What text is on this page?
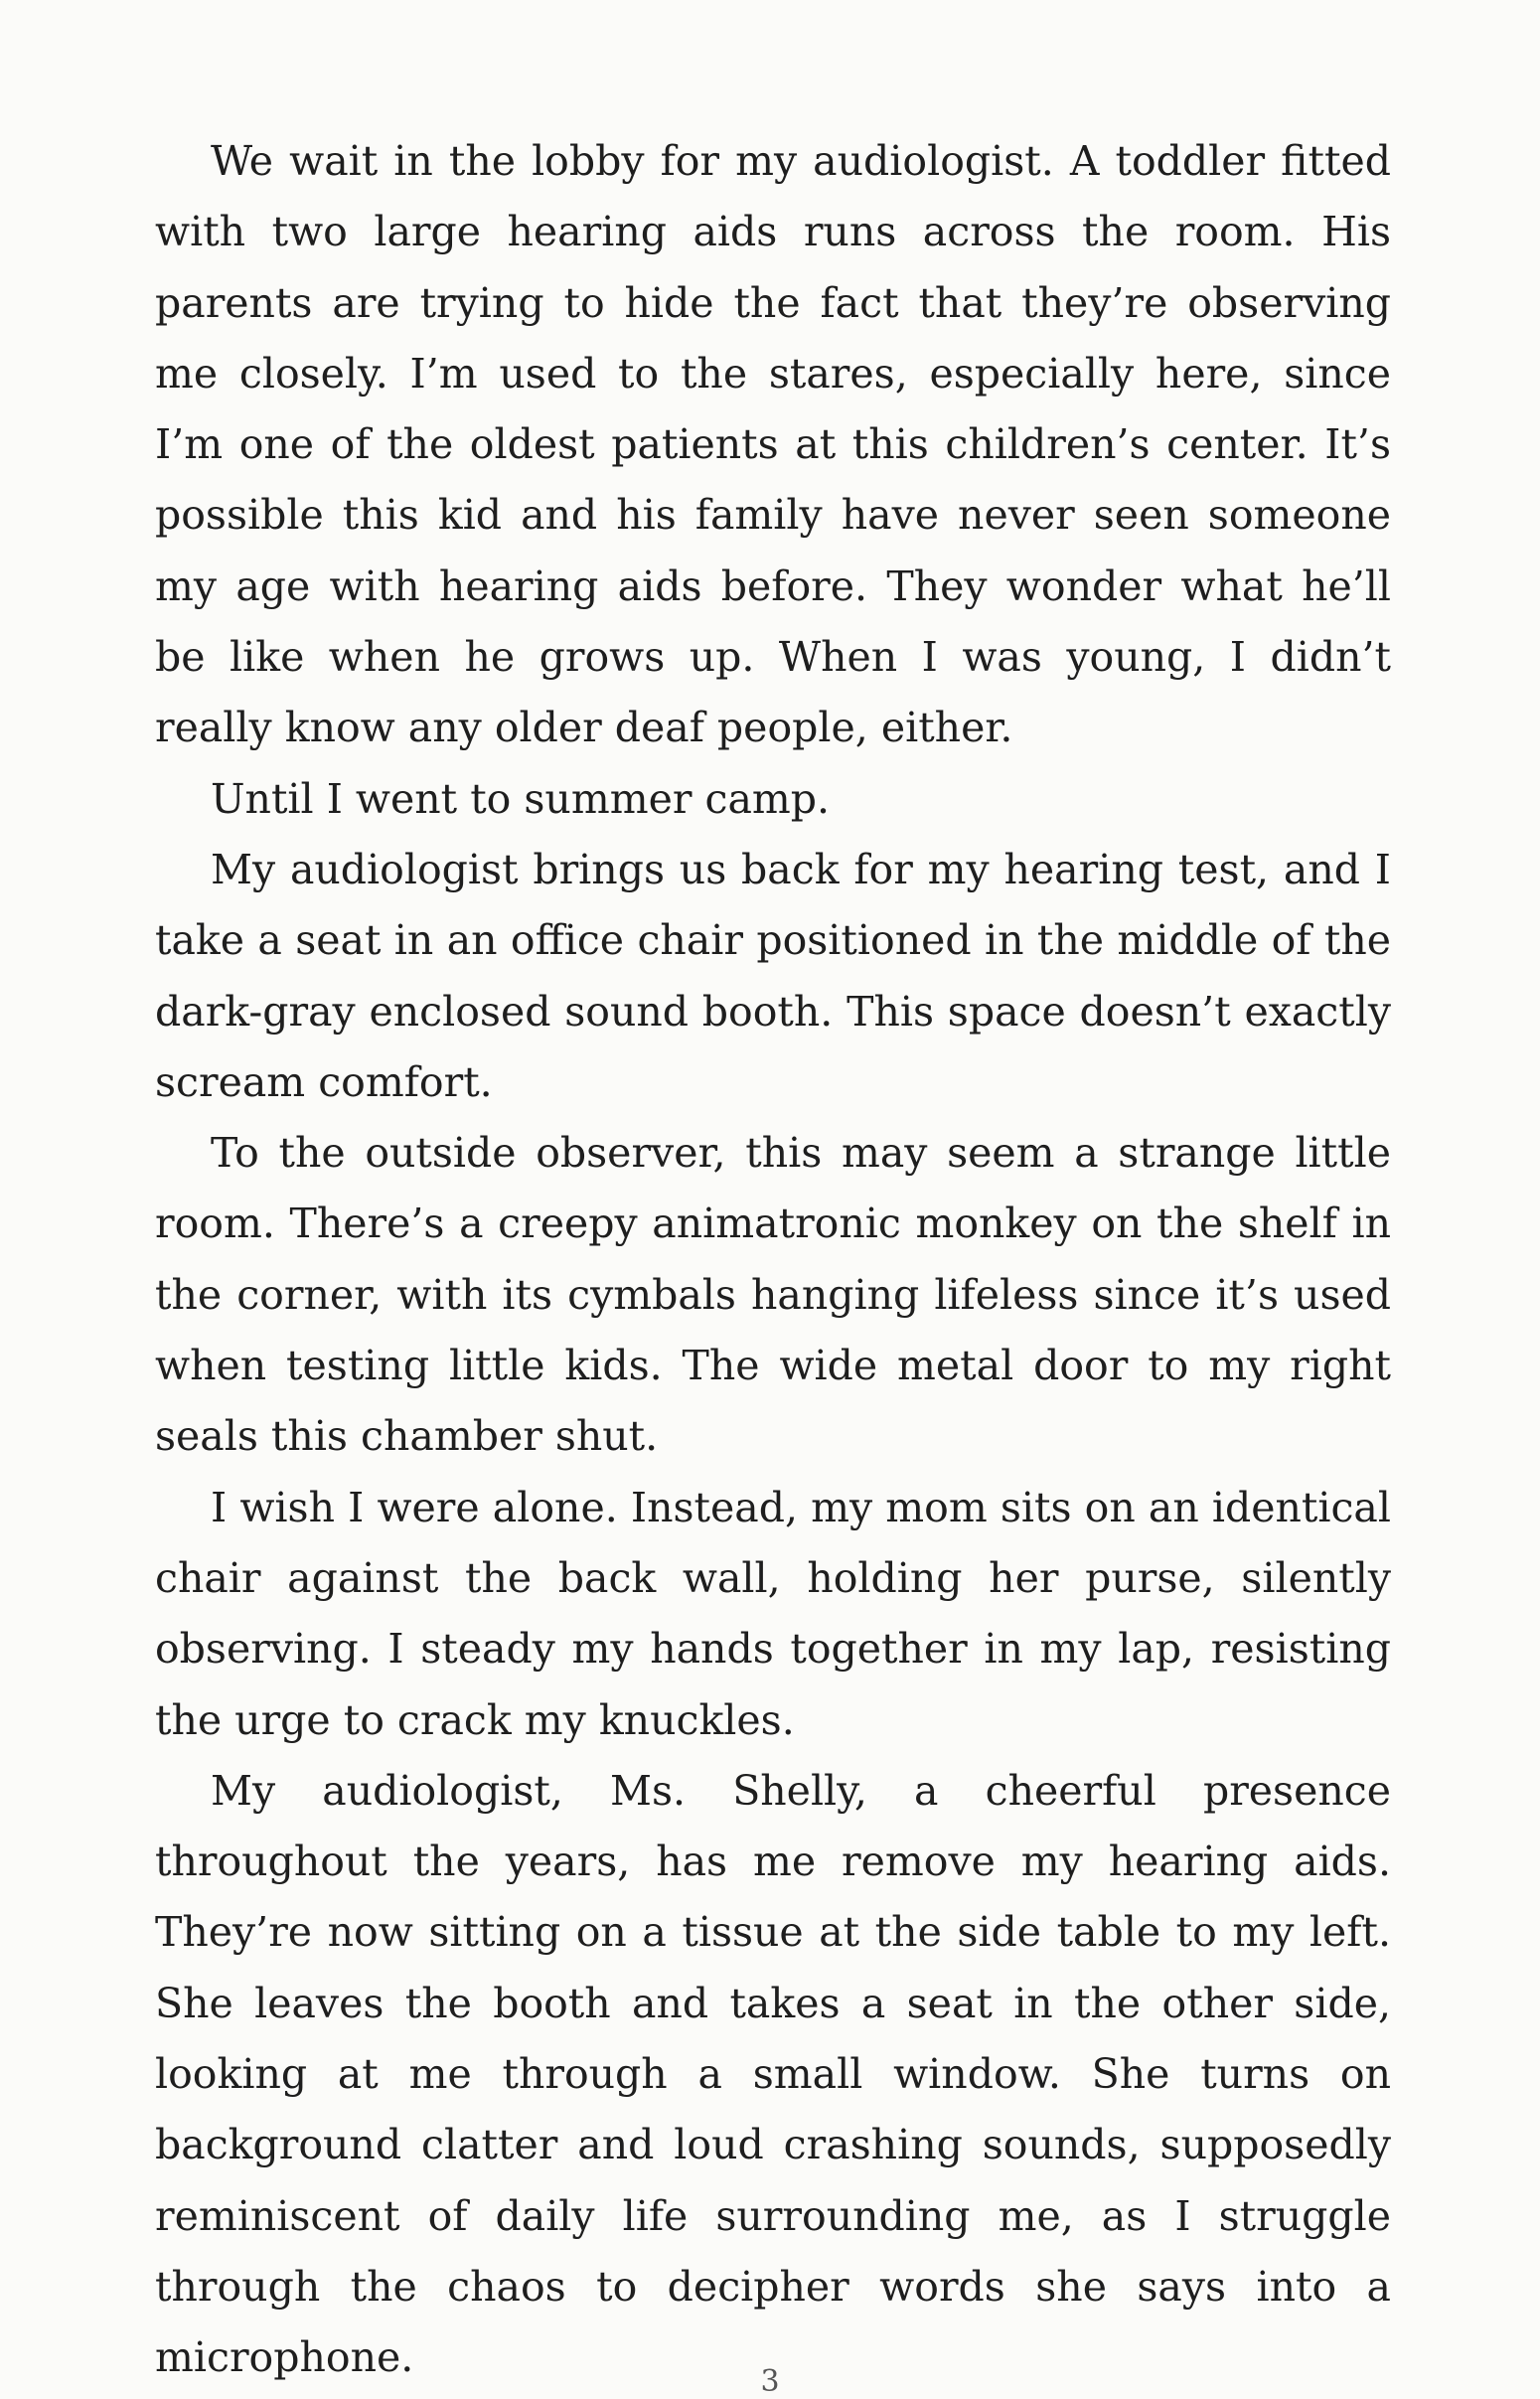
We wait in the lobby for my audiologist. A toddler fitted with two large hearing aids runs across the room. His parents are trying to hide the fact that they’re observing me closely. I’m used to the stares, especially here, since I’m one of the oldest patients at this children’s center. It’s possible this kid and his family have never seen someone my age with hearing aids before. They wonder what he’ll be like when he grows up. When I was young, I didn’t really know any older deaf people, either.

Until I went to summer camp.

My audiologist brings us back for my hearing test, and I take a seat in an office chair positioned in the middle of the dark-gray enclosed sound booth. This space doesn’t exactly scream comfort.

To the outside observer, this may seem a strange little room. There’s a creepy animatronic monkey on the shelf in the corner, with its cymbals hanging lifeless since it’s used when testing little kids. The wide metal door to my right seals this chamber shut.

I wish I were alone. Instead, my mom sits on an identical chair against the back wall, holding her purse, silently observing. I steady my hands together in my lap, resisting the urge to crack my knuckles.

My audiologist, Ms. Shelly, a cheerful presence throughout the years, has me remove my hearing aids. They’re now sitting on a tissue at the side table to my left. She leaves the booth and takes a seat in the other side, looking at me through a small window. She turns on background clatter and loud crashing sounds, supposedly reminiscent of daily life surrounding me, as I struggle through the chaos to decipher words she says into a microphone.

3
